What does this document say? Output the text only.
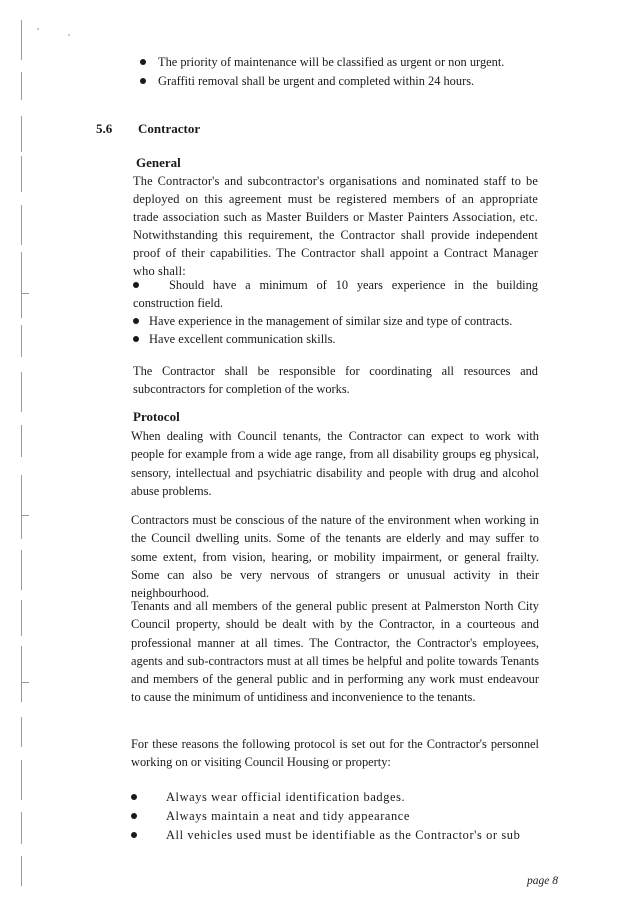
The priority of maintenance will be classified as urgent or non urgent.
Graffiti removal shall be urgent and completed within 24 hours.
5.6 Contractor
General
The Contractor's and subcontractor's organisations and nominated staff to be deployed on this agreement must be registered members of an appropriate trade association such as Master Builders or Master Painters Association, etc. Notwithstanding this requirement, the Contractor shall provide independent proof of their capabilities. The Contractor shall appoint a Contract Manager who shall:
Should have a minimum of 10 years experience in the building construction field.
Have experience in the management of similar size and type of contracts.
Have excellent communication skills.
The Contractor shall be responsible for coordinating all resources and subcontractors for completion of the works.
Protocol
When dealing with Council tenants, the Contractor can expect to work with people for example from a wide age range, from all disability groups eg physical, sensory, intellectual and psychiatric disability and people with drug and alcohol abuse problems.
Contractors must be conscious of the nature of the environment when working in the Council dwelling units. Some of the tenants are elderly and may suffer to some extent, from vision, hearing, or mobility impairment, or general frailty. Some can also be very nervous of strangers or unusual activity in their neighbourhood.
Tenants and all members of the general public present at Palmerston North City Council property, should be dealt with by the Contractor, in a courteous and professional manner at all times. The Contractor, the Contractor's employees, agents and sub-contractors must at all times be helpful and polite towards Tenants and members of the general public and in performing any work must endeavour to cause the minimum of untidiness and inconvenience to the tenants.
For these reasons the following protocol is set out for the Contractor's personnel working on or visiting Council Housing or property:
Always wear official identification badges.
Always maintain a neat and tidy appearance
All vehicles used must be identifiable as the Contractor's or sub
page 8
